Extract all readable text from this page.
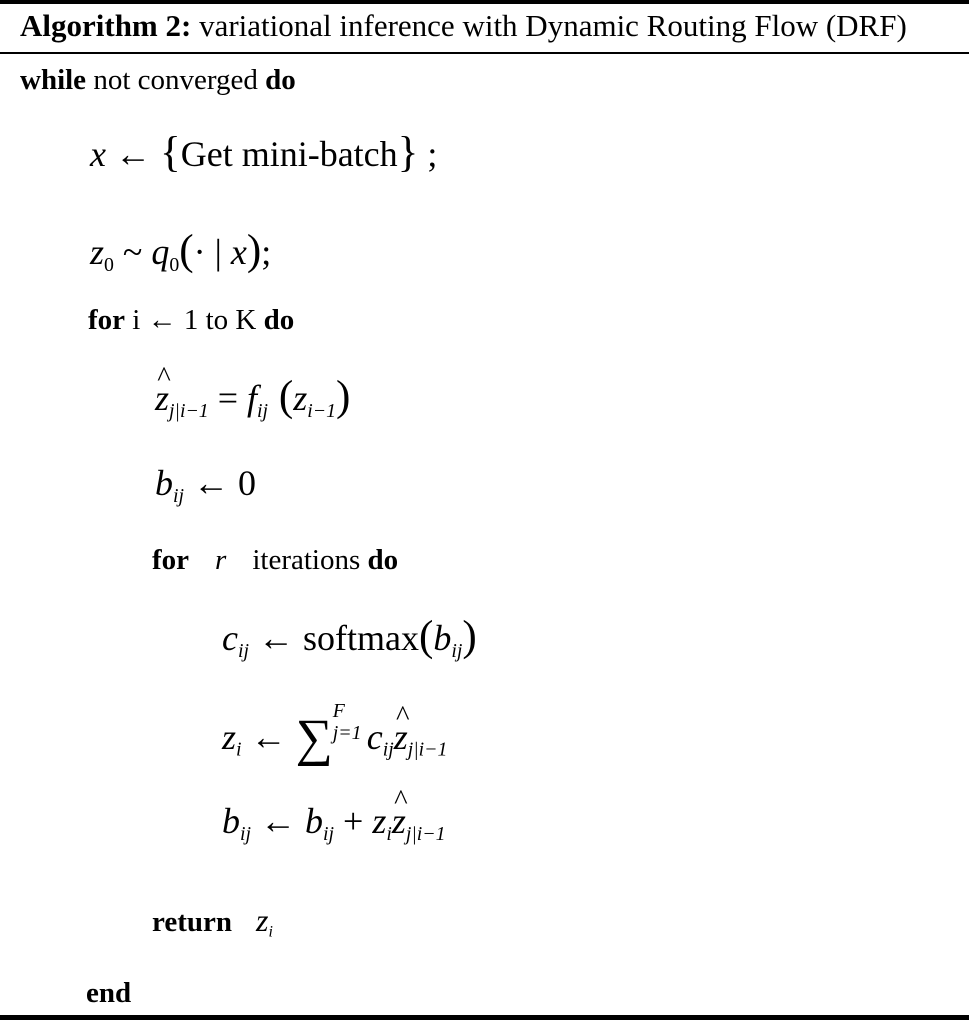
Algorithm 2: variational inference with Dynamic Routing Flow (DRF)
while not converged do
x ← {Get mini-batch} ;
$z_0$ ~ $q_0(\cdot$ | x);
for i ← 1 to K do
^ $z_{j|i-1} = f_{ij}$ $(z_{i-1})$
$b_{ij}$ ← 0
for r iterations do
$c_{ij}$ ← $softmax(b_{ij})$
$z_i$ ← ∑ F
j=1 $c_{ij}\^{}$ $z_{j|i-1}$
$b_{ij}$ ← $b_{ij}$ + $z_i\^{}$ $z_{j|i-1}$
return $z_i$
end
